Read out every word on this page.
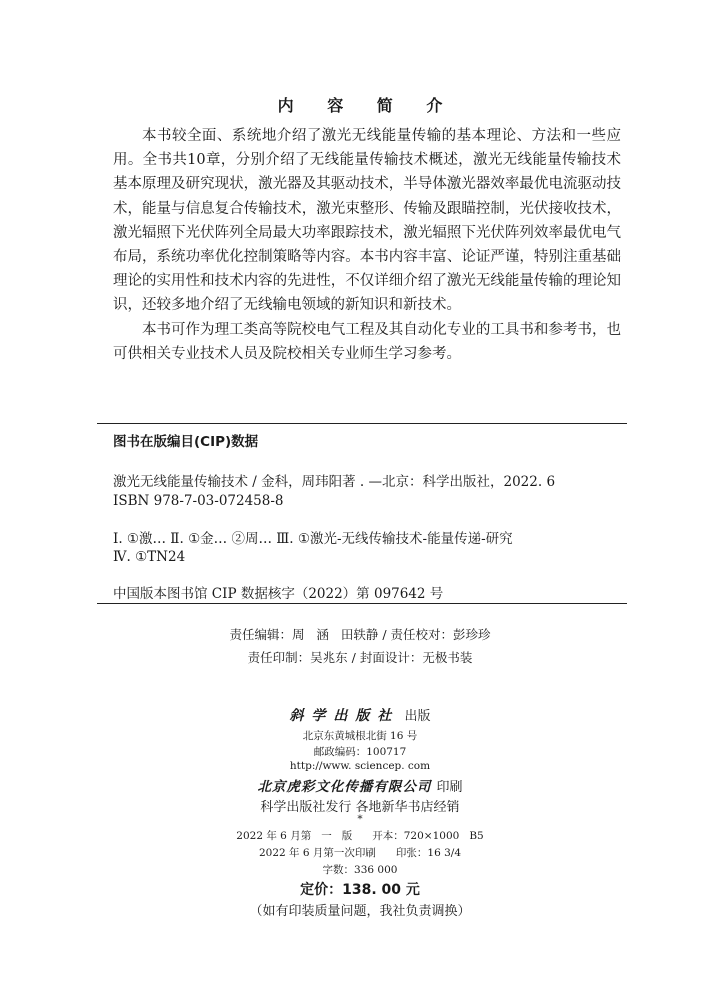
内 容 简 介

本书较全面、系统地介绍了激光无线能量传输的基本理论、方法和一些应用。全书共10章，分别介绍了无线能量传输技术概述，激光无线能量传输技术基本原理及研究现状，激光器及其驱动技术，半导体激光器效率最优电流驱动技术，能量与信息复合传输技术，激光束整形、传输及跟瞄控制，光伏接收技术，激光辐照下光伏阵列全局最大功率跟踪技术，激光辐照下光伏阵列效率最优电气布局，系统功率优化控制策略等内容。本书内容丰富、论证严谨，特别注重基础理论的实用性和技术内容的先进性，不仅详细介绍了激光无线能量传输的理论知识，还较多地介绍了无线输电领域的新知识和新技术。

本书可作为理工类高等院校电气工程及其自动化专业的工具书和参考书，也可供相关专业技术人员及院校相关专业师生学习参考。

图书在版编目(CIP)数据
激光无线能量传输技术 / 金科，周玮阳著 . —北京：科学出版社，2022. 6
ISBN 978-7-03-072458-8
Ⅰ. ①激… Ⅱ. ①金… ②周… Ⅲ. ①激光-无线传输技术-能量传递-研究
Ⅳ. ①TN24
中国版本图书馆 CIP 数据核字（2022）第 097642 号
责任编辑：周   涵   田轶静 / 责任校对：彭珍珍
责任印制：吴兆东 / 封面设计：无极书装
斜学出版社 出版
北京东黄城根北街 16 号
邮政编码：100717
http://www. sciencep. com
北京虎彩文化传播有限公司 印刷
科学出版社发行 各地新华书店经销
*
2022 年 6 月第   一   版      开本：720×1000   B5
2022 年 6 月第一次印刷      印张：16 3/4
字数：336 000
定价：138. 00 元
（如有印装质量问题，我社负责调换）
